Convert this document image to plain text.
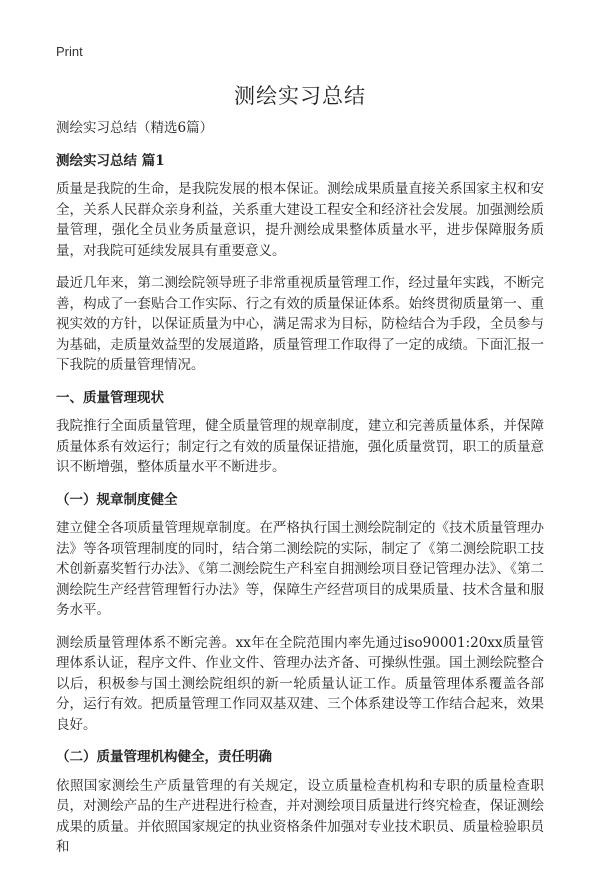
Print
测绘实习总结
测绘实习总结（精选6篇）
测绘实习总结 篇1
质量是我院的生命，是我院发展的根本保证。测绘成果质量直接关系国家主权和安全，关系人民群众亲身利益，关系重大建设工程安全和经济社会发展。加强测绘质量管理，强化全员业务质量意识，提升测绘成果整体质量水平，进步保障服务质量，对我院可延续发展具有重要意义。
最近几年来，第二测绘院领导班子非常重视质量管理工作，经过量年实践，不断完善，构成了一套贴合工作实际、行之有效的质量保证体系。始终贯彻质量第一、重视实效的方针，以保证质量为中心，满足需求为目标，防检结合为手段，全员参与为基础，走质量效益型的发展道路，质量管理工作取得了一定的成绩。下面汇报一下我院的质量管理情况。
一、质量管理现状
我院推行全面质量管理，健全质量管理的规章制度，建立和完善质量体系，并保障质量体系有效运行；制定行之有效的质量保证措施，强化质量赏罚，职工的质量意识不断增强，整体质量水平不断进步。
（一）规章制度健全
建立健全各项质量管理规章制度。在严格执行国土测绘院制定的《技术质量管理办法》等各项管理制度的同时，结合第二测绘院的实际，制定了《第二测绘院职工技术创新嘉奖暂行办法》、《第二测绘院生产科室自拥测绘项目登记管理办法》、《第二测绘院生产经营管理暂行办法》等，保障生产经营项目的成果质量、技术含量和服务水平。
测绘质量管理体系不断完善。xx年在全院范围内率先通过iso90001:20xx质量管理体系认证，程序文件、作业文件、管理办法齐备、可操纵性强。国土测绘院整合以后，积极参与国土测绘院组织的新一轮质量认证工作。质量管理体系覆盖各部分，运行有效。把质量管理工作同双基双建、三个体系建设等工作结合起来，效果良好。
（二）质量管理机构健全，责任明确
依照国家测绘生产质量管理的有关规定，设立质量检查机构和专职的质量检查职员，对测绘产品的生产进程进行检查，并对测绘项目质量进行终究检查，保证测绘成果的质量。并依照国家规定的执业资格条件加强对专业技术职员、质量检验职员和
